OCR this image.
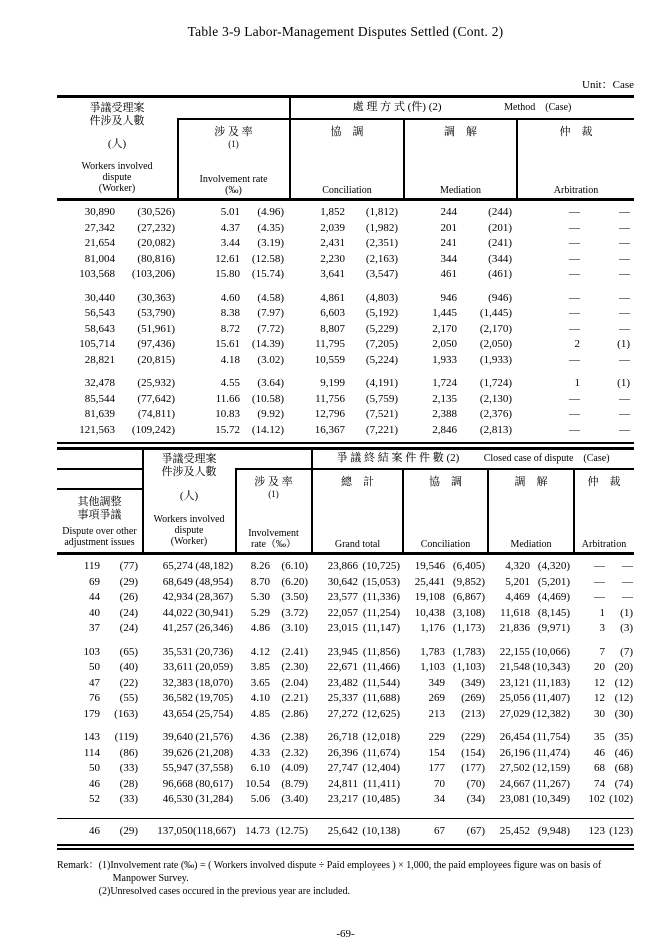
Table 3-9 Labor-Management Disputes Settled (Cont. 2)
Unit：Case
爭議受理案
件涉及人數
(人)
Workers involved
dispute
(Worker)
處 理 方 式 (件) (2)	Method　(Case)
涉 及 率
(1)
Involvement rate
(‰)
協　調
Conciliation
調　解
Mediation
仲　裁
Arbitration
30,890	(30,526)	5.01	(4.96)	1,852	(1,812)	244	(244)	—	—
27,342	(27,232)	4.37	(4.35)	2,039	(1,982)	201	(201)	—	—
21,654	(20,082)	3.44	(3.19)	2,431	(2,351)	241	(241)	—	—
81,004	(80,816)	12.61	(12.58)	2,230	(2,163)	344	(344)	—	—
103,568	(103,206)	15.80	(15.74)	3,641	(3,547)	461	(461)	—	—
30,440	(30,363)	4.60	(4.58)	4,861	(4,803)	946	(946)	—	—
56,543	(53,790)	8.38	(7.97)	6,603	(5,192)	1,445	(1,445)	—	—
58,643	(51,961)	8.72	(7.72)	8,807	(5,229)	2,170	(2,170)	—	—
105,714	(97,436)	15.61	(14.39)	11,795	(7,205)	2,050	(2,050)	2	(1)
28,821	(20,815)	4.18	(3.02)	10,559	(5,224)	1,933	(1,933)	—	—
32,478	(25,932)	4.55	(3.64)	9,199	(4,191)	1,724	(1,724)	1	(1)
85,544	(77,642)	11.66	(10.58)	11,756	(5,759)	2,135	(2,130)	—	—
81,639	(74,811)	10.83	(9.92)	12,796	(7,521)	2,388	(2,376)	—	—
121,563	(109,242)	15.72	(14.12)	16,367	(7,221)	2,846	(2,813)	—	—
其他調整
事項爭議
Dispute over other
adjustment issues
爭議受理案
件涉及人數
(人)
Workers involved
dispute
(Worker)
爭 議 終 結 案 件 件 數 (2) Closed case of dispute　(Case)
涉 及 率
(1)
Involvement
rate（‰）
總　計
Grand total
協　調
Conciliation
調　解
Mediation
仲　裁
Arbitration
119	(77)	65,274 (48,182)	8.26	(6.10)	23,866 (10,725)	19,546 (6,405)	4,320 (4,320)	—	—
69	(29)	68,649 (48,954)	8.70	(6.20)	30,642 (15,053)	25,441 (9,852)	5,201 (5,201)	—	—
44	(26)	42,934 (28,367)	5.30	(3.50)	23,577 (11,336)	19,108 (6,867)	4,469 (4,469)	—	—
40	(24)	44,022 (30,941)	5.29	(3.72)	22,057 (11,254)	10,438 (3,108)	11,618 (8,145)	1	(1)
37	(24)	41,257 (26,346)	4.86	(3.10)	23,015 (11,147)	1,176 (1,173)	21,836 (9,971)	3	(3)
103	(65)	35,531 (20,736)	4.12	(2.41)	23,945 (11,856)	1,783 (1,783)	22,155 (10,066)	7	(7)
50	(40)	33,611 (20,059)	3.85	(2.30)	22,671 (11,466)	1,103 (1,103)	21,548 (10,343)	20 (20)
47	(22)	32,383 (18,070)	3.65	(2.04)	23,482 (11,544)	349	(349)	23,121 (11,183)	12 (12)
76	(55)	36,582 (19,705)	4.10	(2.21)	25,337 (11,688)	269	(269)	25,056 (11,407)	12 (12)
179	(163)	43,654 (25,754)	4.85	(2.86)	27,272 (12,625)	213	(213)	27,029 (12,382)	30 (30)
143	(119)	39,640 (21,576)	4.36	(2.38)	26,718 (12,018)	229	(229)	26,454 (11,754)	35 (35)
114	(86)	39,626 (21,208)	4.33	(2.32)	26,396 (11,674)	154	(154)	26,196 (11,474)	46 (46)
50	(33)	55,947 (37,558)	6.10	(4.09)	27,747 (12,404)	177	(177)	27,502 (12,159)	68 (68)
46	(28)	96,668 (80,617)	10.54	(8.79)	24,811 (11,411)	70	(70)	24,667 (11,267)	74 (74)
52	(33)	46,530 (31,284)	5.06	(3.40)	23,217 (10,485)	34	(34)	23,081 (10,349)	102 (102)
46	(29)	137,050 (118,667) 14.73 (12.75)	25,642 (10,138)	67	(67)	25,452 (9,948)	123 (123)
Remark： (1)Involvement rate (‰) = ( Workers involved dispute ÷ Paid employees ) × 1,000, the paid employees figure was on basis of
Manpower Survey.
(2)Unresolved cases occured in the previous year are included.
-69-
